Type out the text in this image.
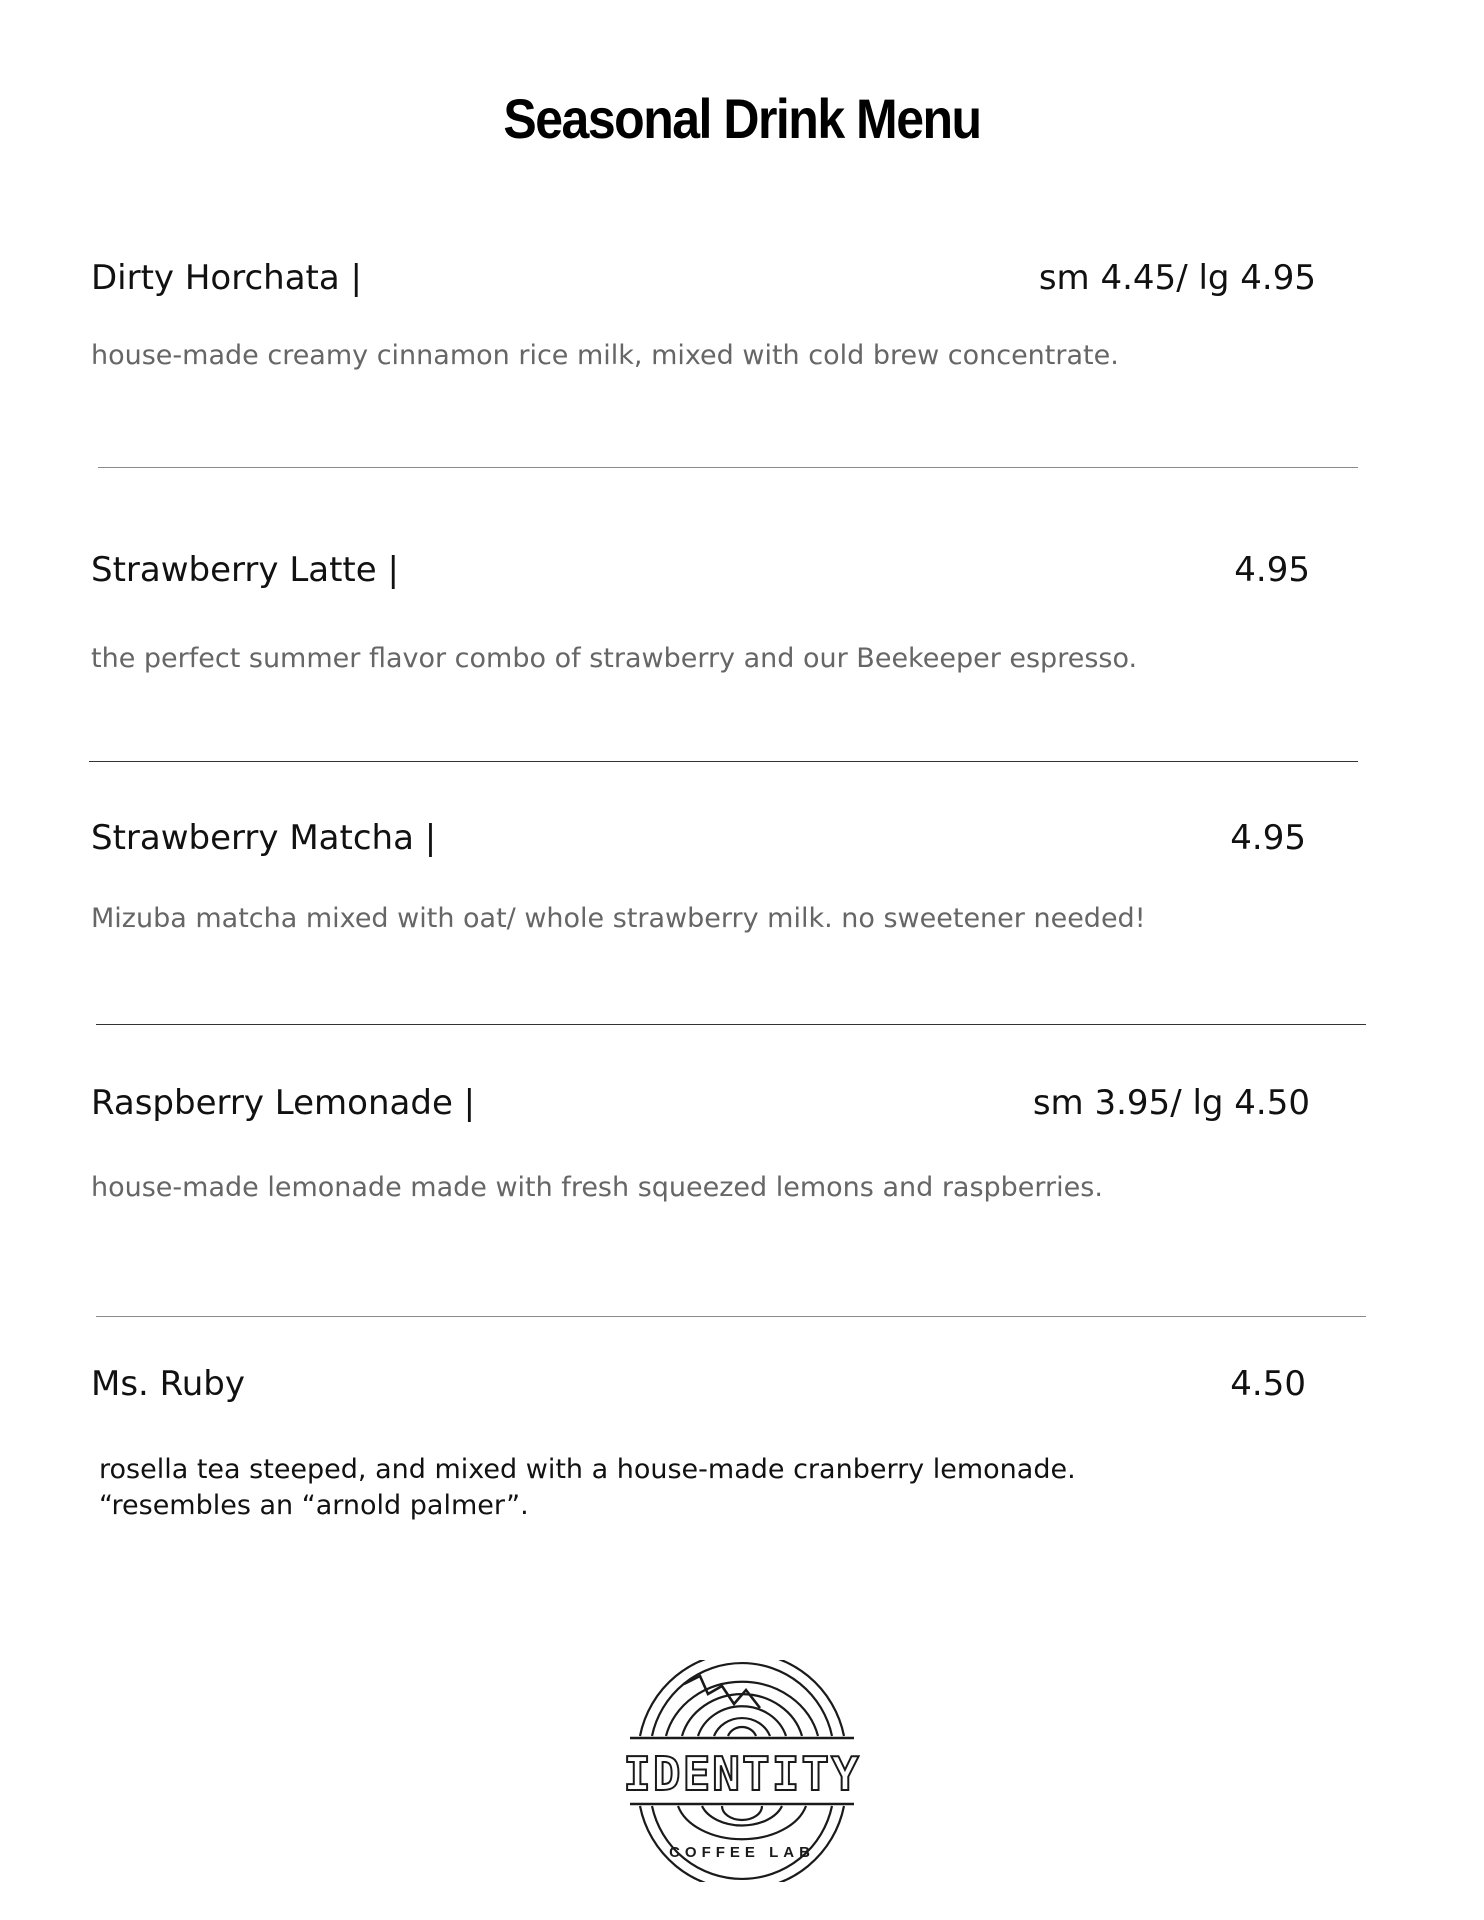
Seasonal Drink Menu
Dirty Horchata |	sm 4.45/ lg 4.95
house-made creamy cinnamon rice milk, mixed with cold brew concentrate.
Strawberry Latte |	4.95
the perfect summer flavor combo of strawberry and our Beekeeper espresso.
Strawberry Matcha |	4.95
Mizuba matcha mixed with oat/ whole strawberry milk. no sweetener needed!
Raspberry Lemonade |	sm 3.95/ lg 4.50
house-made lemonade made with fresh squeezed lemons and raspberries.
Ms. Ruby	4.50
rosella tea steeped, and mixed with a house-made cranberry lemonade. “resembles an “arnold palmer”.
IDENTITY
COFFEE LAB
